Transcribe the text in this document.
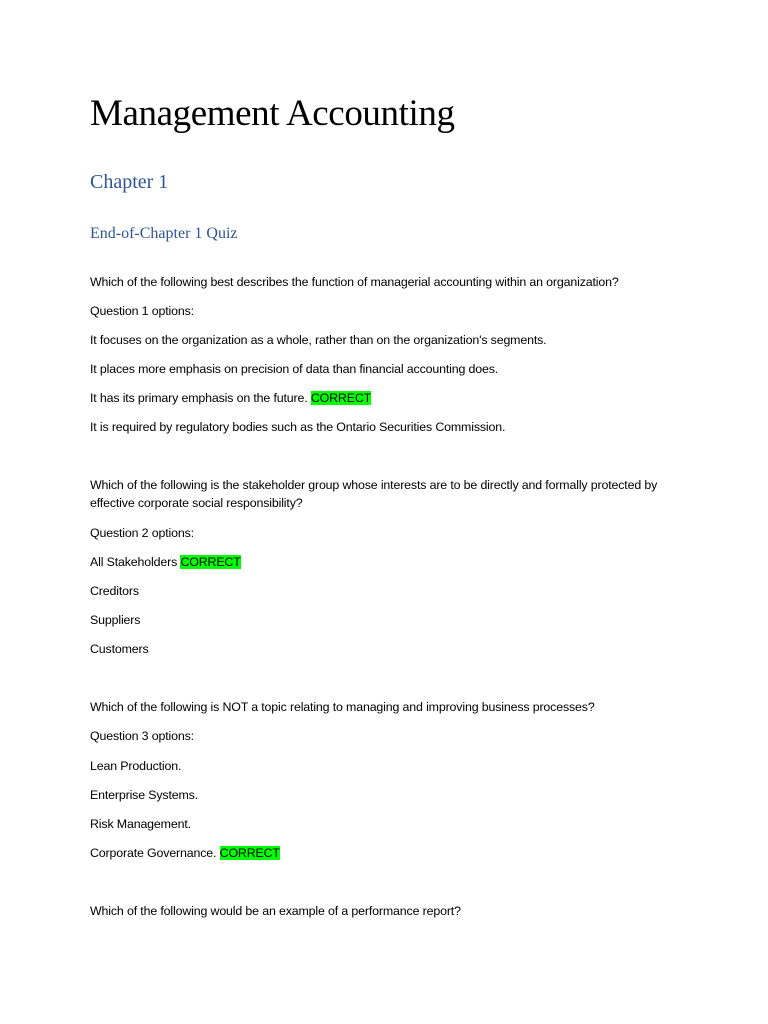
Management Accounting
Chapter 1
End-of-Chapter 1 Quiz

Which of the following best describes the function of managerial accounting within an organization?

Question 1 options:

It focuses on the organization as a whole, rather than on the organization's segments.

It places more emphasis on precision of data than financial accounting does.

It has its primary emphasis on the future. CORRECT

It is required by regulatory bodies such as the Ontario Securities Commission.

Which of the following is the stakeholder group whose interests are to be directly and formally protected by effective corporate social responsibility?

Question 2 options:

All Stakeholders CORRECT

Creditors

Suppliers

Customers

Which of the following is NOT a topic relating to managing and improving business processes?

Question 3 options:

Lean Production.

Enterprise Systems.

Risk Management.

Corporate Governance. CORRECT

Which of the following would be an example of a performance report?
